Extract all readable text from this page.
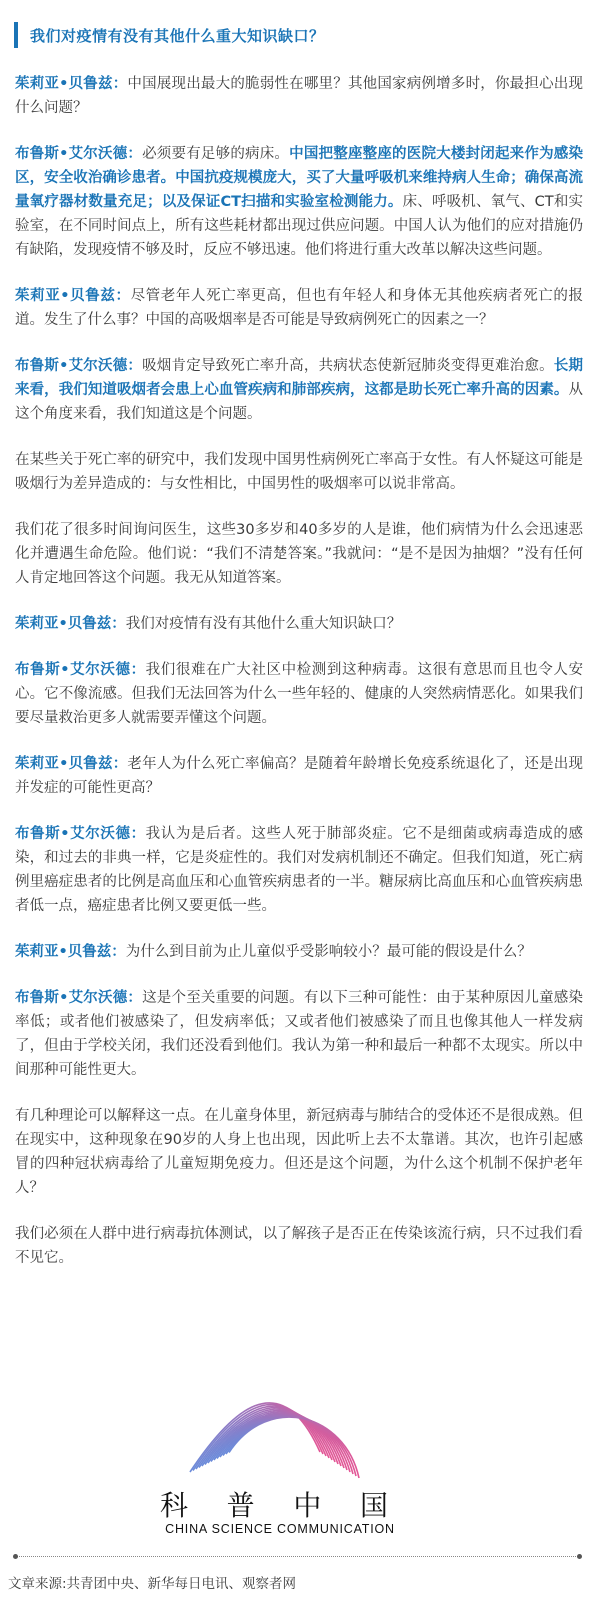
我们对疫情有没有其他什么重大知识缺口？

茱莉亚•贝鲁兹：中国展现出最大的脆弱性在哪里？其他国家病例增多时，你最担心出现什么问题？

布鲁斯•艾尔沃德：必须要有足够的病床。中国把整座整座的医院大楼封闭起来作为感染区，安全收治确诊患者。中国抗疫规模庞大，买了大量呼吸机来维持病人生命；确保高流量氧疗器材数量充足；以及保证CT扫描和实验室检测能力。床、呼吸机、氧气、CT和实验室，在不同时间点上，所有这些耗材都出现过供应问题。中国人认为他们的应对措施仍有缺陷，发现疫情不够及时，反应不够迅速。他们将进行重大改革以解决这些问题。

茱莉亚•贝鲁兹：尽管老年人死亡率更高，但也有年轻人和身体无其他疾病者死亡的报道。发生了什么事？中国的高吸烟率是否可能是导致病例死亡的因素之一？

布鲁斯•艾尔沃德：吸烟肯定导致死亡率升高，共病状态使新冠肺炎变得更难治愈。长期来看，我们知道吸烟者会患上心血管疾病和肺部疾病，这都是助长死亡率升高的因素。从这个角度来看，我们知道这是个问题。

在某些关于死亡率的研究中，我们发现中国男性病例死亡率高于女性。有人怀疑这可能是吸烟行为差异造成的：与女性相比，中国男性的吸烟率可以说非常高。

我们花了很多时间询问医生，这些30多岁和40多岁的人是谁，他们病情为什么会迅速恶化并遭遇生命危险。他们说：“我们不清楚答案。”我就问：“是不是因为抽烟？”没有任何人肯定地回答这个问题。我无从知道答案。

茱莉亚•贝鲁兹：我们对疫情有没有其他什么重大知识缺口？

布鲁斯•艾尔沃德：我们很难在广大社区中检测到这种病毒。这很有意思而且也令人安心。它不像流感。但我们无法回答为什么一些年轻的、健康的人突然病情恶化。如果我们要尽量救治更多人就需要弄懂这个问题。

茱莉亚•贝鲁兹：老年人为什么死亡率偏高？是随着年龄增长免疫系统退化了，还是出现并发症的可能性更高？

布鲁斯•艾尔沃德：我认为是后者。这些人死于肺部炎症。它不是细菌或病毒造成的感染，和过去的非典一样，它是炎症性的。我们对发病机制还不确定。但我们知道，死亡病例里癌症患者的比例是高血压和心血管疾病患者的一半。糖尿病比高血压和心血管疾病患者低一点，癌症患者比例又要更低一些。

茱莉亚•贝鲁兹：为什么到目前为止儿童似乎受影响较小？最可能的假设是什么？

布鲁斯•艾尔沃德：这是个至关重要的问题。有以下三种可能性：由于某种原因儿童感染率低；或者他们被感染了，但发病率低；又或者他们被感染了而且也像其他人一样发病了，但由于学校关闭，我们还没看到他们。我认为第一种和最后一种都不太现实。所以中间那种可能性更大。

有几种理论可以解释这一点。在儿童身体里，新冠病毒与肺结合的受体还不是很成熟。但在现实中，这种现象在90岁的人身上也出现，因此听上去不太靠谱。其次，也许引起感冒的四种冠状病毒给了儿童短期免疫力。但还是这个问题，为什么这个机制不保护老年人？

我们必须在人群中进行病毒抗体测试，以了解孩子是否正在传染该流行病，只不过我们看不见它。

科 普 中 国
CHINA SCIENCE COMMUNICATION
文章来源:共青团中央、新华每日电讯、观察者网
